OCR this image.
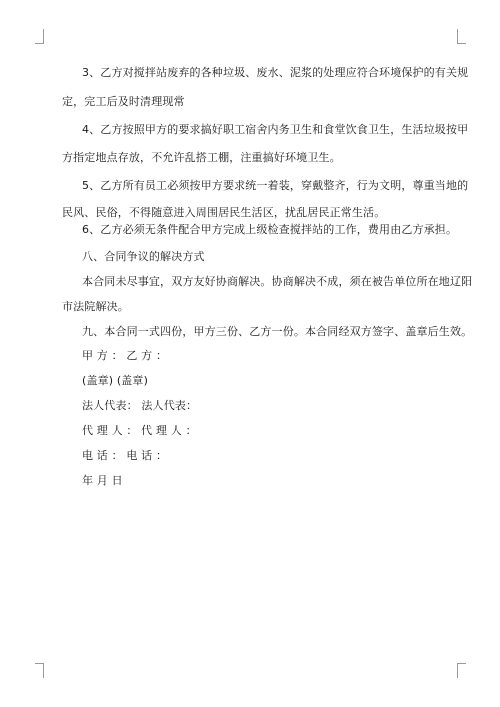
3、乙方对搅拌站废弃的各种垃圾、废水、泥浆的处理应符合环境保护的有关规
定，完工后及时清理现常
4、乙方按照甲方的要求搞好职工宿舍内务卫生和食堂饮食卫生，生活垃圾按甲
方指定地点存放，不允许乱搭工棚，注重搞好环境卫生。
5、乙方所有员工必须按甲方要求统一着装，穿戴整齐，行为文明，尊重当地的
民风、民俗，不得随意进入周围居民生活区，扰乱居民正常生活。
6、乙方必须无条件配合甲方完成上级检查搅拌站的工作，费用由乙方承担。
八、合同争议的解决方式
本合同未尽事宜，双方友好协商解决。协商解决不成，须在被告单位所在地辽阳
市法院解决。
九、本合同一式四份，甲方三份、乙方一份。本合同经双方签字、盖章后生效。
甲 方 ： 乙 方 ：
(盖章) (盖章)
法人代表： 法人代表：
代 理 人 ： 代 理 人 ：
电 话 ： 电 话 ：
年 月 日
